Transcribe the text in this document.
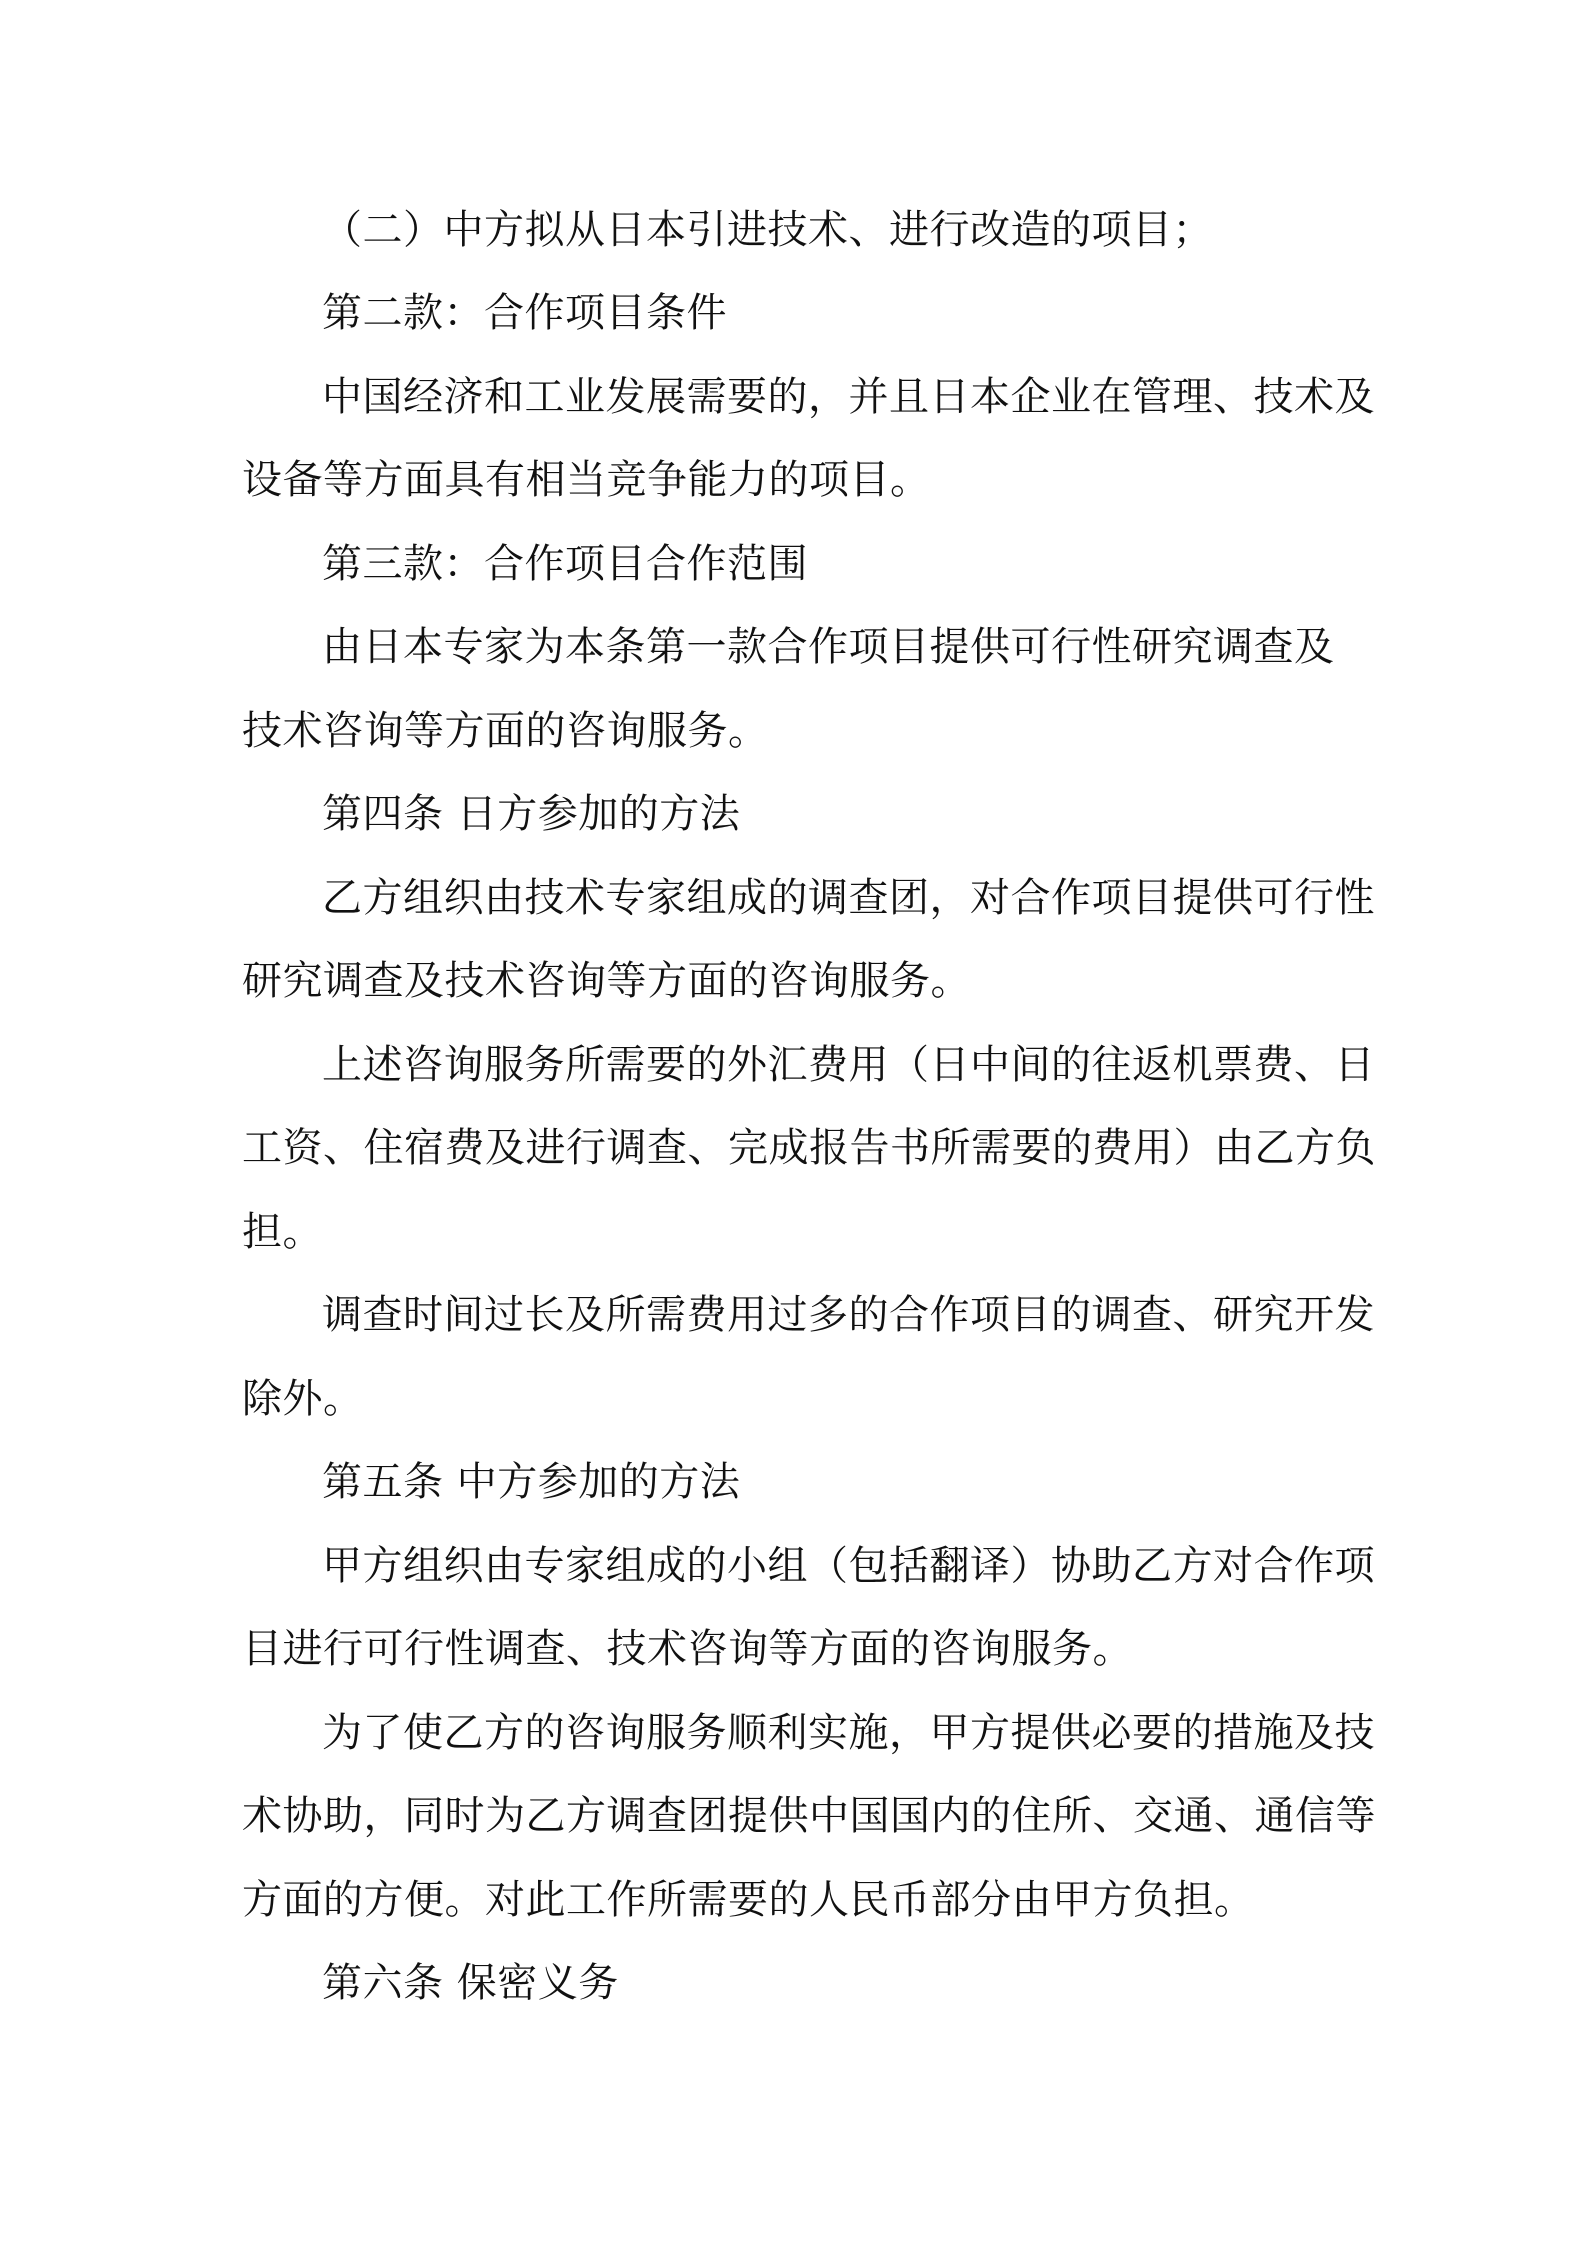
（二）中方拟从日本引进技术、进行改造的项目；
第二款：合作项目条件
中国经济和工业发展需要的，并且日本企业在管理、技术及
设备等方面具有相当竞争能力的项目。
第三款：合作项目合作范围
由日本专家为本条第一款合作项目提供可行性研究调查及
技术咨询等方面的咨询服务。
第四条 日方参加的方法
乙方组织由技术专家组成的调查团，对合作项目提供可行性
研究调查及技术咨询等方面的咨询服务。
上述咨询服务所需要的外汇费用（日中间的往返机票费、日
工资、住宿费及进行调查、完成报告书所需要的费用）由乙方负
担。
调查时间过长及所需费用过多的合作项目的调查、研究开发
除外。
第五条 中方参加的方法
甲方组织由专家组成的小组（包括翻译）协助乙方对合作项
目进行可行性调查、技术咨询等方面的咨询服务。
为了使乙方的咨询服务顺利实施，甲方提供必要的措施及技
术协助，同时为乙方调查团提供中国国内的住所、交通、通信等
方面的方便。对此工作所需要的人民币部分由甲方负担。
第六条 保密义务
